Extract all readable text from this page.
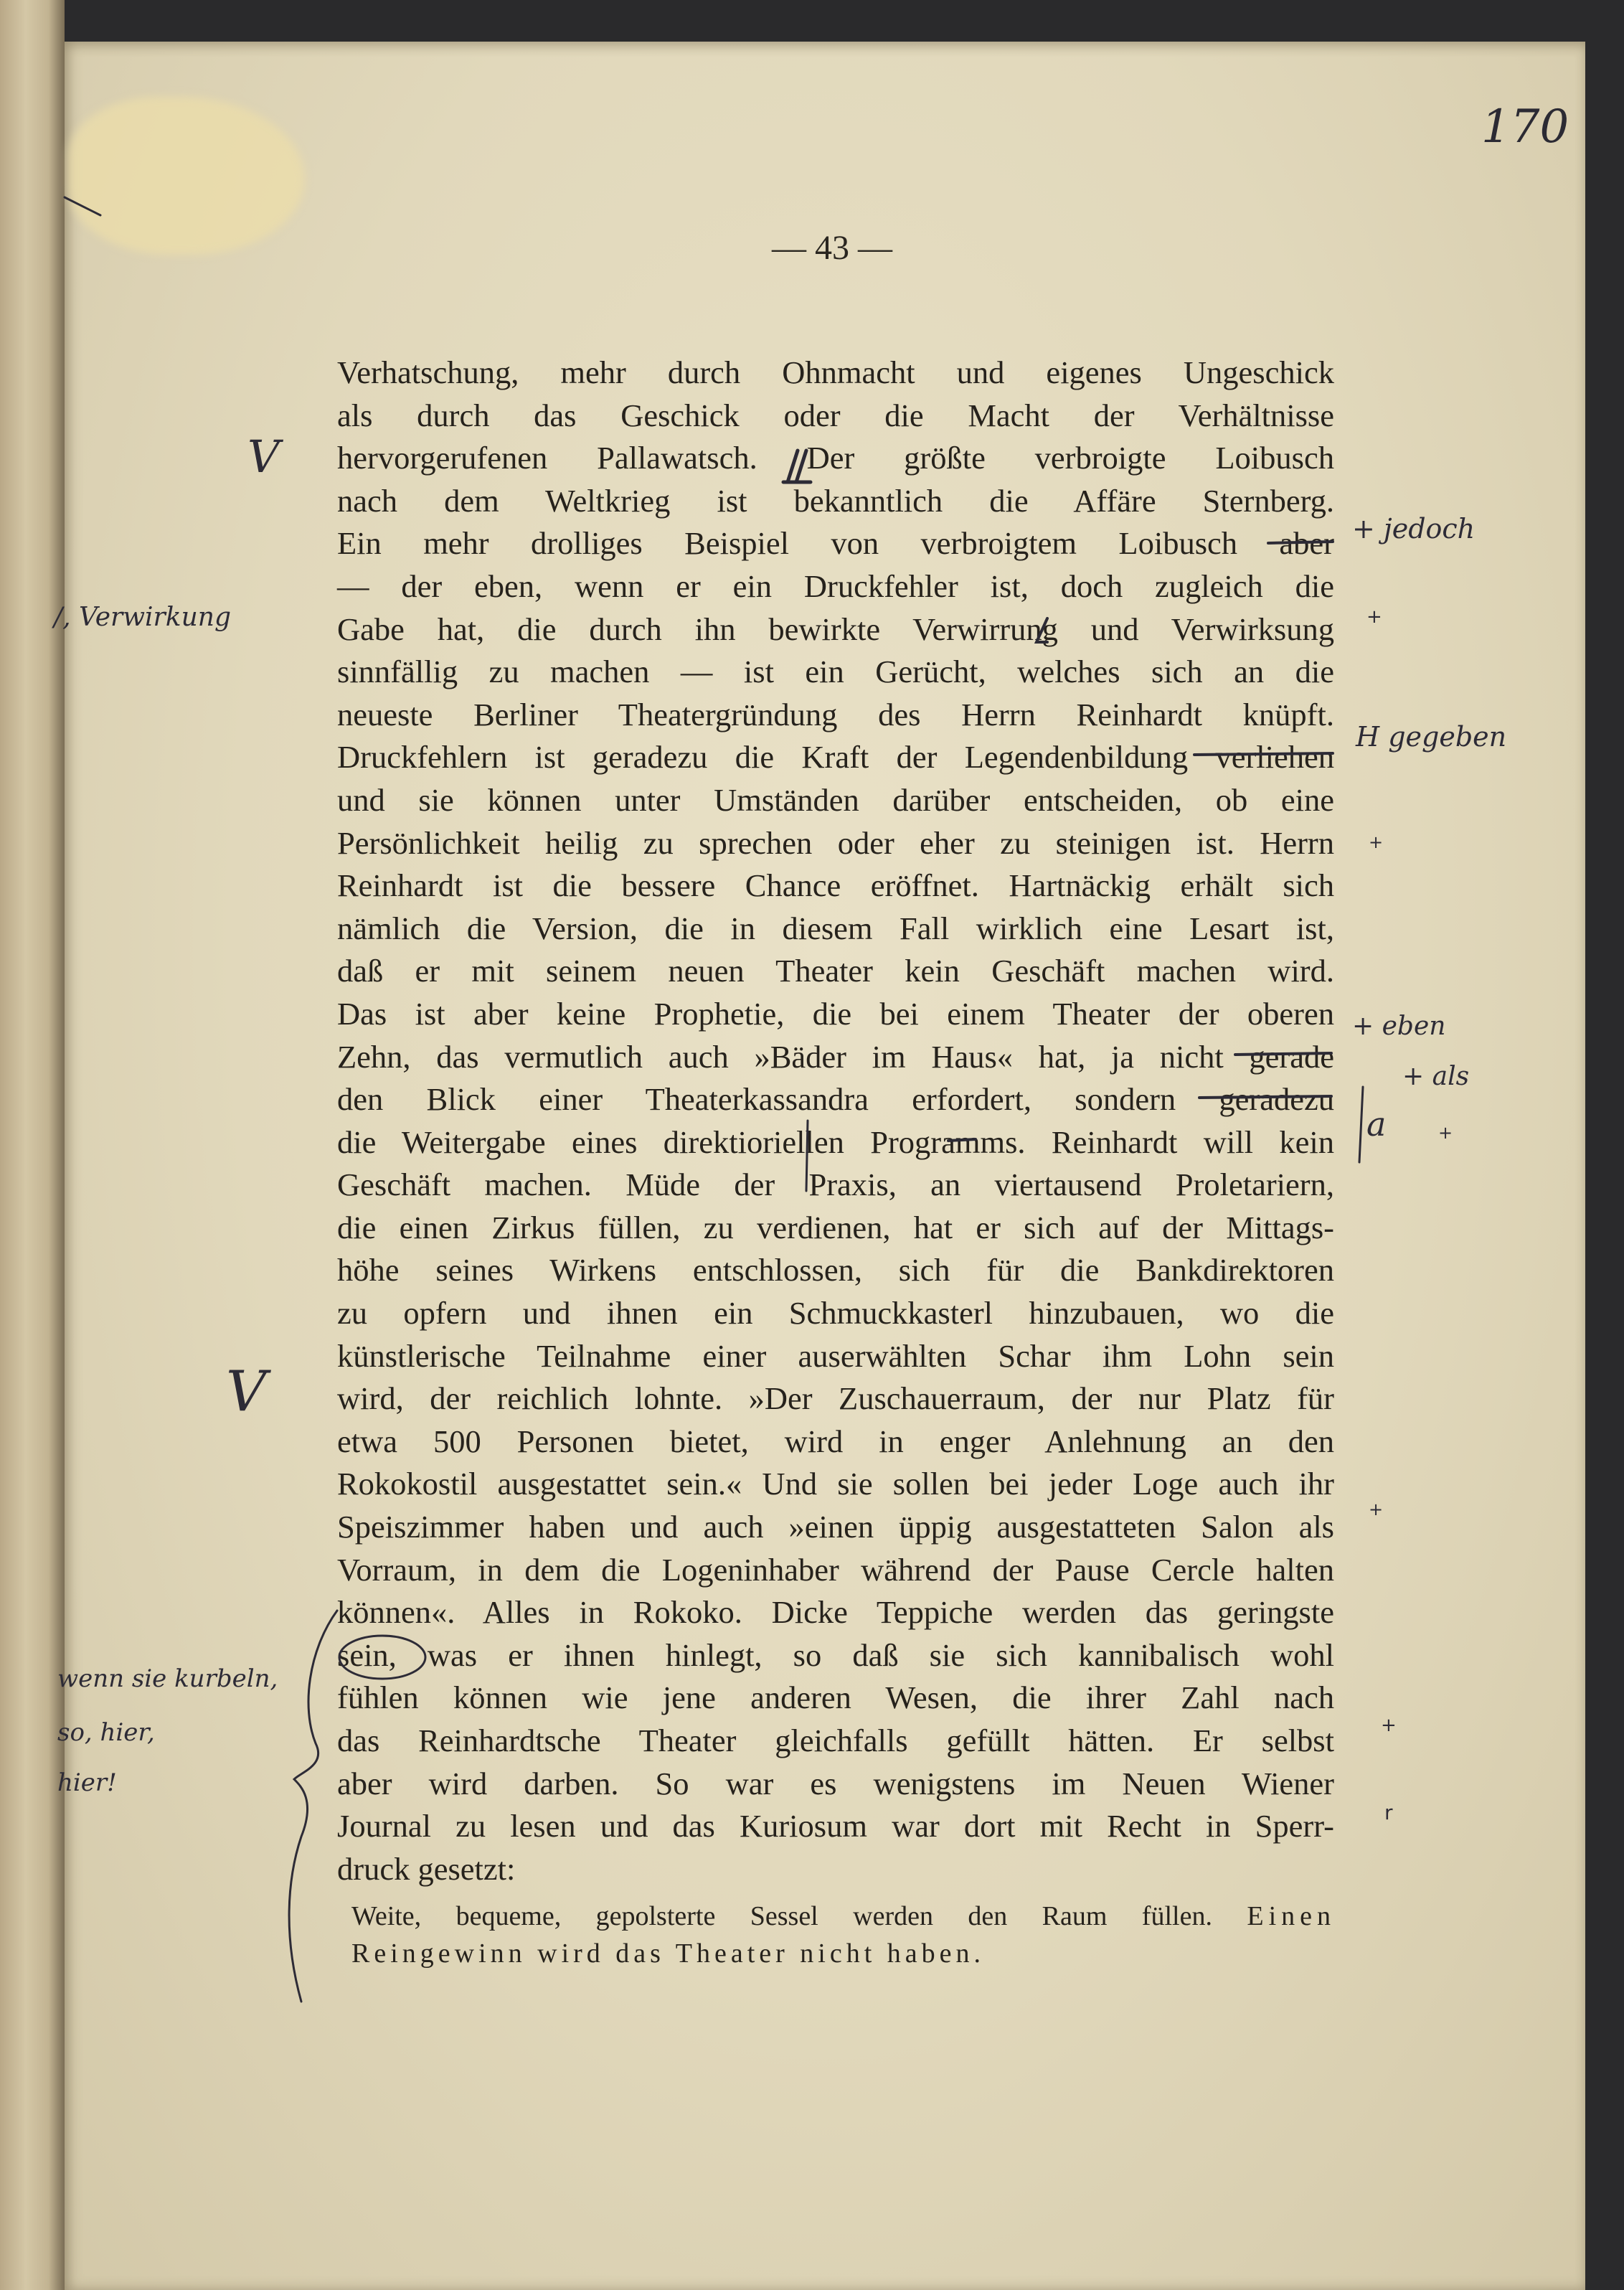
170
— 43 —
Verhatschung, mehr durch Ohnmacht und eigenes Ungeschick
als durch das Geschick oder die Macht der Verhältnisse
hervorgerufenen Pallawatsch. Der größte verbroigte Loibusch
nach dem Weltkrieg ist bekanntlich die Affäre Sternberg.
Ein mehr drolliges Beispiel von verbroigtem Loibusch aber
— der eben, wenn er ein Druckfehler ist, doch zugleich die
Gabe hat, die durch ihn bewirkte Verwirrung und Verwirksung
sinnfällig zu machen — ist ein Gerücht, welches sich an die
neueste Berliner Theatergründung des Herrn Reinhardt knüpft.
Druckfehlern ist geradezu die Kraft der Legendenbildung verliehen
und sie können unter Umständen darüber entscheiden, ob eine
Persönlichkeit heilig zu sprechen oder eher zu steinigen ist. Herrn
Reinhardt ist die bessere Chance eröffnet. Hartnäckig erhält sich
nämlich die Version, die in diesem Fall wirklich eine Lesart ist,
daß er mit seinem neuen Theater kein Geschäft machen wird.
Das ist aber keine Prophetie, die bei einem Theater der oberen
Zehn, das vermutlich auch »Bäder im Haus« hat, ja nicht gerade
den Blick einer Theaterkassandra erfordert, sondern geradezu
die Weitergabe eines direktioriellen Programms. Reinhardt will kein
Geschäft machen. Müde der Praxis, an viertausend Proletariern,
die einen Zirkus füllen, zu verdienen, hat er sich auf der Mittags-
höhe seines Wirkens entschlossen, sich für die Bankdirektoren
zu opfern und ihnen ein Schmuckkasterl hinzubauen, wo die
künstlerische Teilnahme einer auserwählten Schar ihm Lohn sein
wird, der reichlich lohnte. »Der Zuschauerraum, der nur Platz für
etwa 500 Personen bietet, wird in enger Anlehnung an den
Rokokostil ausgestattet sein.« Und sie sollen bei jeder Loge auch ihr
Speiszimmer haben und auch »einen üppig ausgestatteten Salon als
Vorraum, in dem die Logeninhaber während der Pause Cercle halten
können«. Alles in Rokoko. Dicke Teppiche werden das geringste
sein, was er ihnen hinlegt, so daß sie sich kannibalisch wohl
fühlen können wie jene anderen Wesen, die ihrer Zahl nach
das Reinhardtsche Theater gleichfalls gefüllt hätten. Er selbst
aber wird darben. So war es wenigstens im Neuen Wiener
Journal zu lesen und das Kuriosum war dort mit Recht in Sperr-
druck gesetzt:
Weite, bequeme, gepolsterte Sessel werden den Raum füllen. Einen
Reingewinn wird das Theater nicht haben.
+ jedoch
H gegeben
+ eben
+ als
a
/, Verwirkung
wenn sie kurbeln,
so, hier,
hier!
V
V
+
+
+
+
+
r
